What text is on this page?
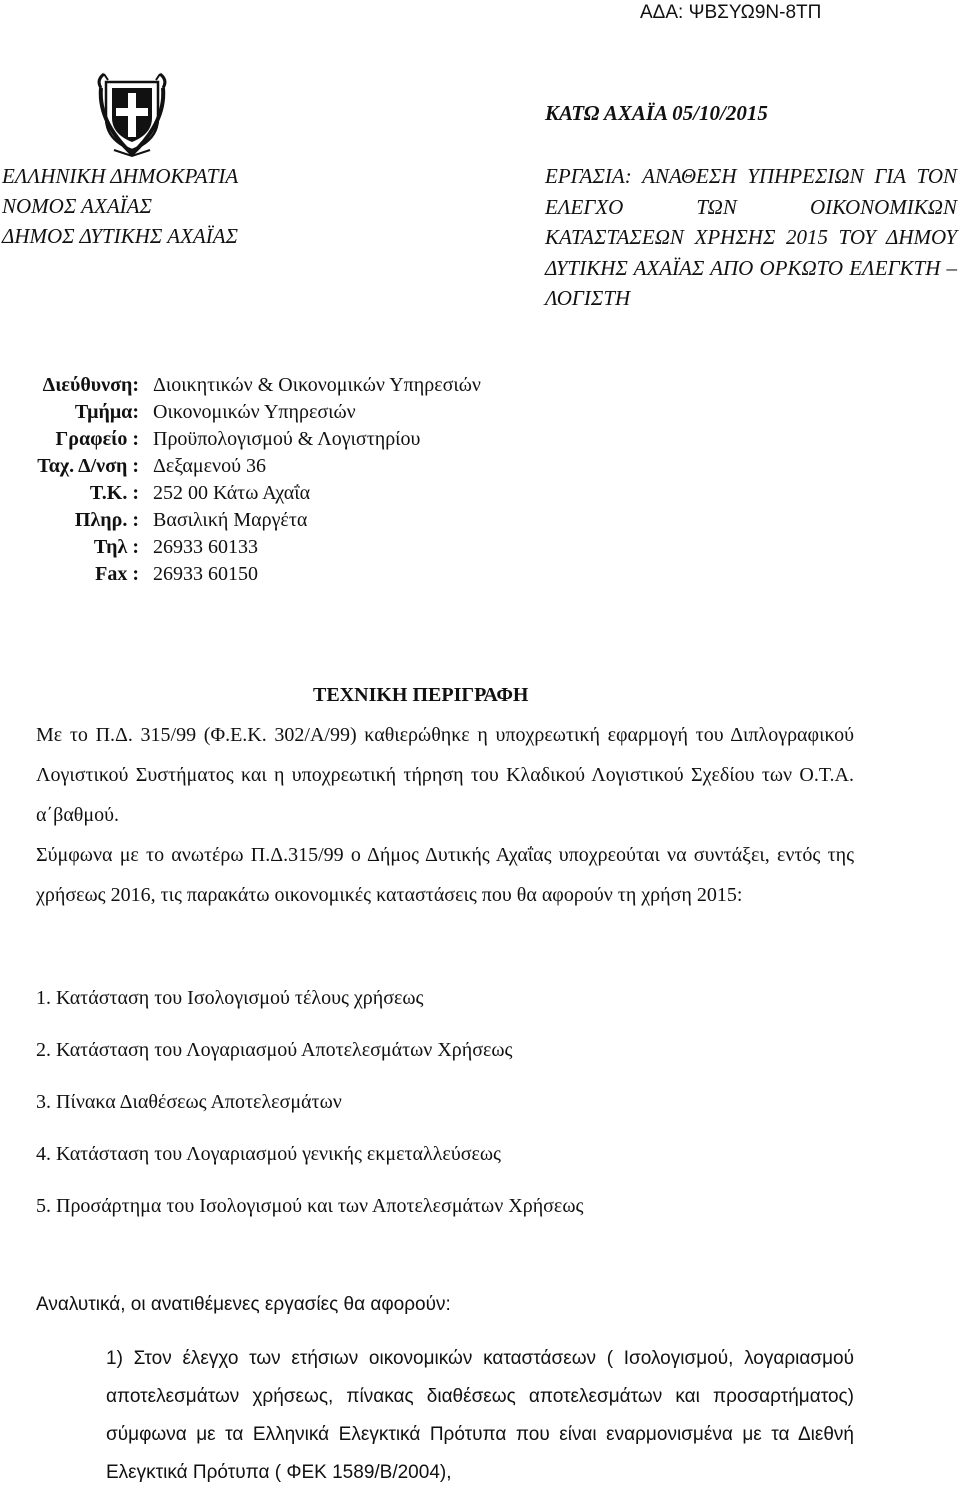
ΑΔΑ: ΨΒΣΥΩ9Ν-8ΤΠ
ΚΑΤΩ ΑΧΑΪΑ 05/10/2015
ΕΛΛΗΝΙΚΗ ΔΗΜΟΚΡΑΤΙΑ
ΝΟΜΟΣ ΑΧΑΪΑΣ
ΔΗΜΟΣ ΔΥΤΙΚΗΣ ΑΧΑΪΑΣ
ΕΡΓΑΣΙΑ: ΑΝΑΘΕΣΗ ΥΠΗΡΕΣΙΩΝ ΓΙΑ ΤΟΝ ΕΛΕΓΧΟ ΤΩΝ ΟΙΚΟΝΟΜΙΚΩΝ ΚΑΤΑΣΤΑΣΕΩΝ ΧΡΗΣΗΣ 2015 ΤΟΥ ΔΗΜΟΥ ΔΥΤΙΚΗΣ ΑΧΑΪΑΣ ΑΠΟ ΟΡΚΩΤΟ ΕΛΕΓΚΤΗ – ΛΟΓΙΣΤΗ
Διεύθυνση: Διοικητικών & Οικονομικών Υπηρεσιών
Τμήμα: Οικονομικών Υπηρεσιών
Γραφείο : Προϋπολογισμού & Λογιστηρίου
Ταχ. Δ/νση : Δεξαμενού 36
Τ.Κ. : 252 00 Κάτω Αχαΐα
Πληρ. : Βασιλική Μαργέτα
Τηλ : 26933 60133
Fax : 26933 60150
ΤΕΧΝΙΚΗ ΠΕΡΙΓΡΑΦΗ
Με το Π.Δ. 315/99 (Φ.Ε.Κ. 302/Α/99) καθιερώθηκε η υποχρεωτική εφαρμογή του Διπλογραφικού Λογιστικού Συστήματος και η υποχρεωτική τήρηση του Κλαδικού Λογιστικού Σχεδίου των Ο.Τ.Α. α΄βαθμού.
Σύμφωνα με το ανωτέρω Π.Δ.315/99 ο Δήμος Δυτικής Αχαΐας υποχρεούται να συντάξει, εντός της χρήσεως 2016, τις παρακάτω οικονομικές καταστάσεις που θα αφορούν τη χρήση 2015:
1. Κατάσταση του Ισολογισμού τέλους χρήσεως
2. Κατάσταση του Λογαριασμού Αποτελεσμάτων Χρήσεως
3. Πίνακα Διαθέσεως Αποτελεσμάτων
4. Κατάσταση του Λογαριασμού γενικής εκμεταλλεύσεως
5. Προσάρτημα του Ισολογισμού και των Αποτελεσμάτων Χρήσεως
Αναλυτικά, οι ανατιθέμενες εργασίες θα αφορούν:
1) Στον έλεγχο των ετήσιων οικονομικών καταστάσεων ( Ισολογισμού, λογαριασμού αποτελεσμάτων χρήσεως, πίνακας διαθέσεως αποτελεσμάτων και προσαρτήματος) σύμφωνα με τα Ελληνικά Ελεγκτικά Πρότυπα που είναι εναρμονισμένα με τα Διεθνή Ελεγκτικά Πρότυπα ( ΦΕΚ 1589/Β/2004),
